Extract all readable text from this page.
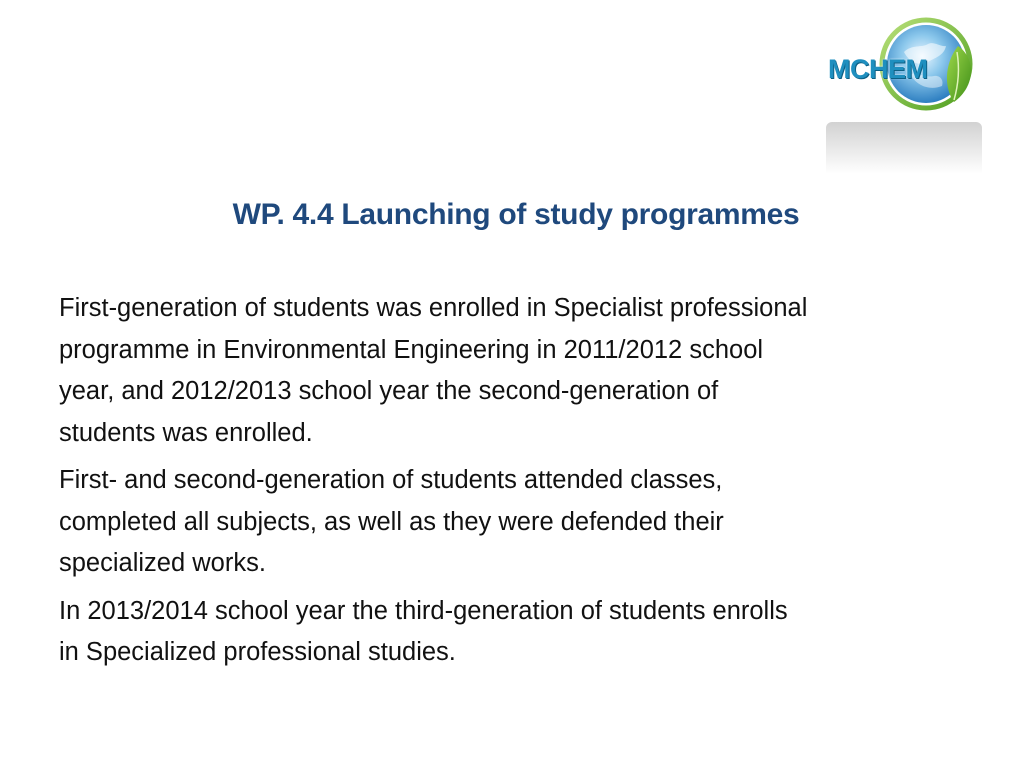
MCHEM
WP. 4.4 Launching of study programmes

First-generation of students was enrolled in Specialist professional
programme in Environmental Engineering in 2011/2012 school
year, and 2012/2013 school year the second-generation of
students was enrolled.

First- and second-generation of students attended classes,
completed all subjects, as well as they were defended their
specialized works.

In 2013/2014 school year the third-generation of students enrolls
in Specialized professional studies.
